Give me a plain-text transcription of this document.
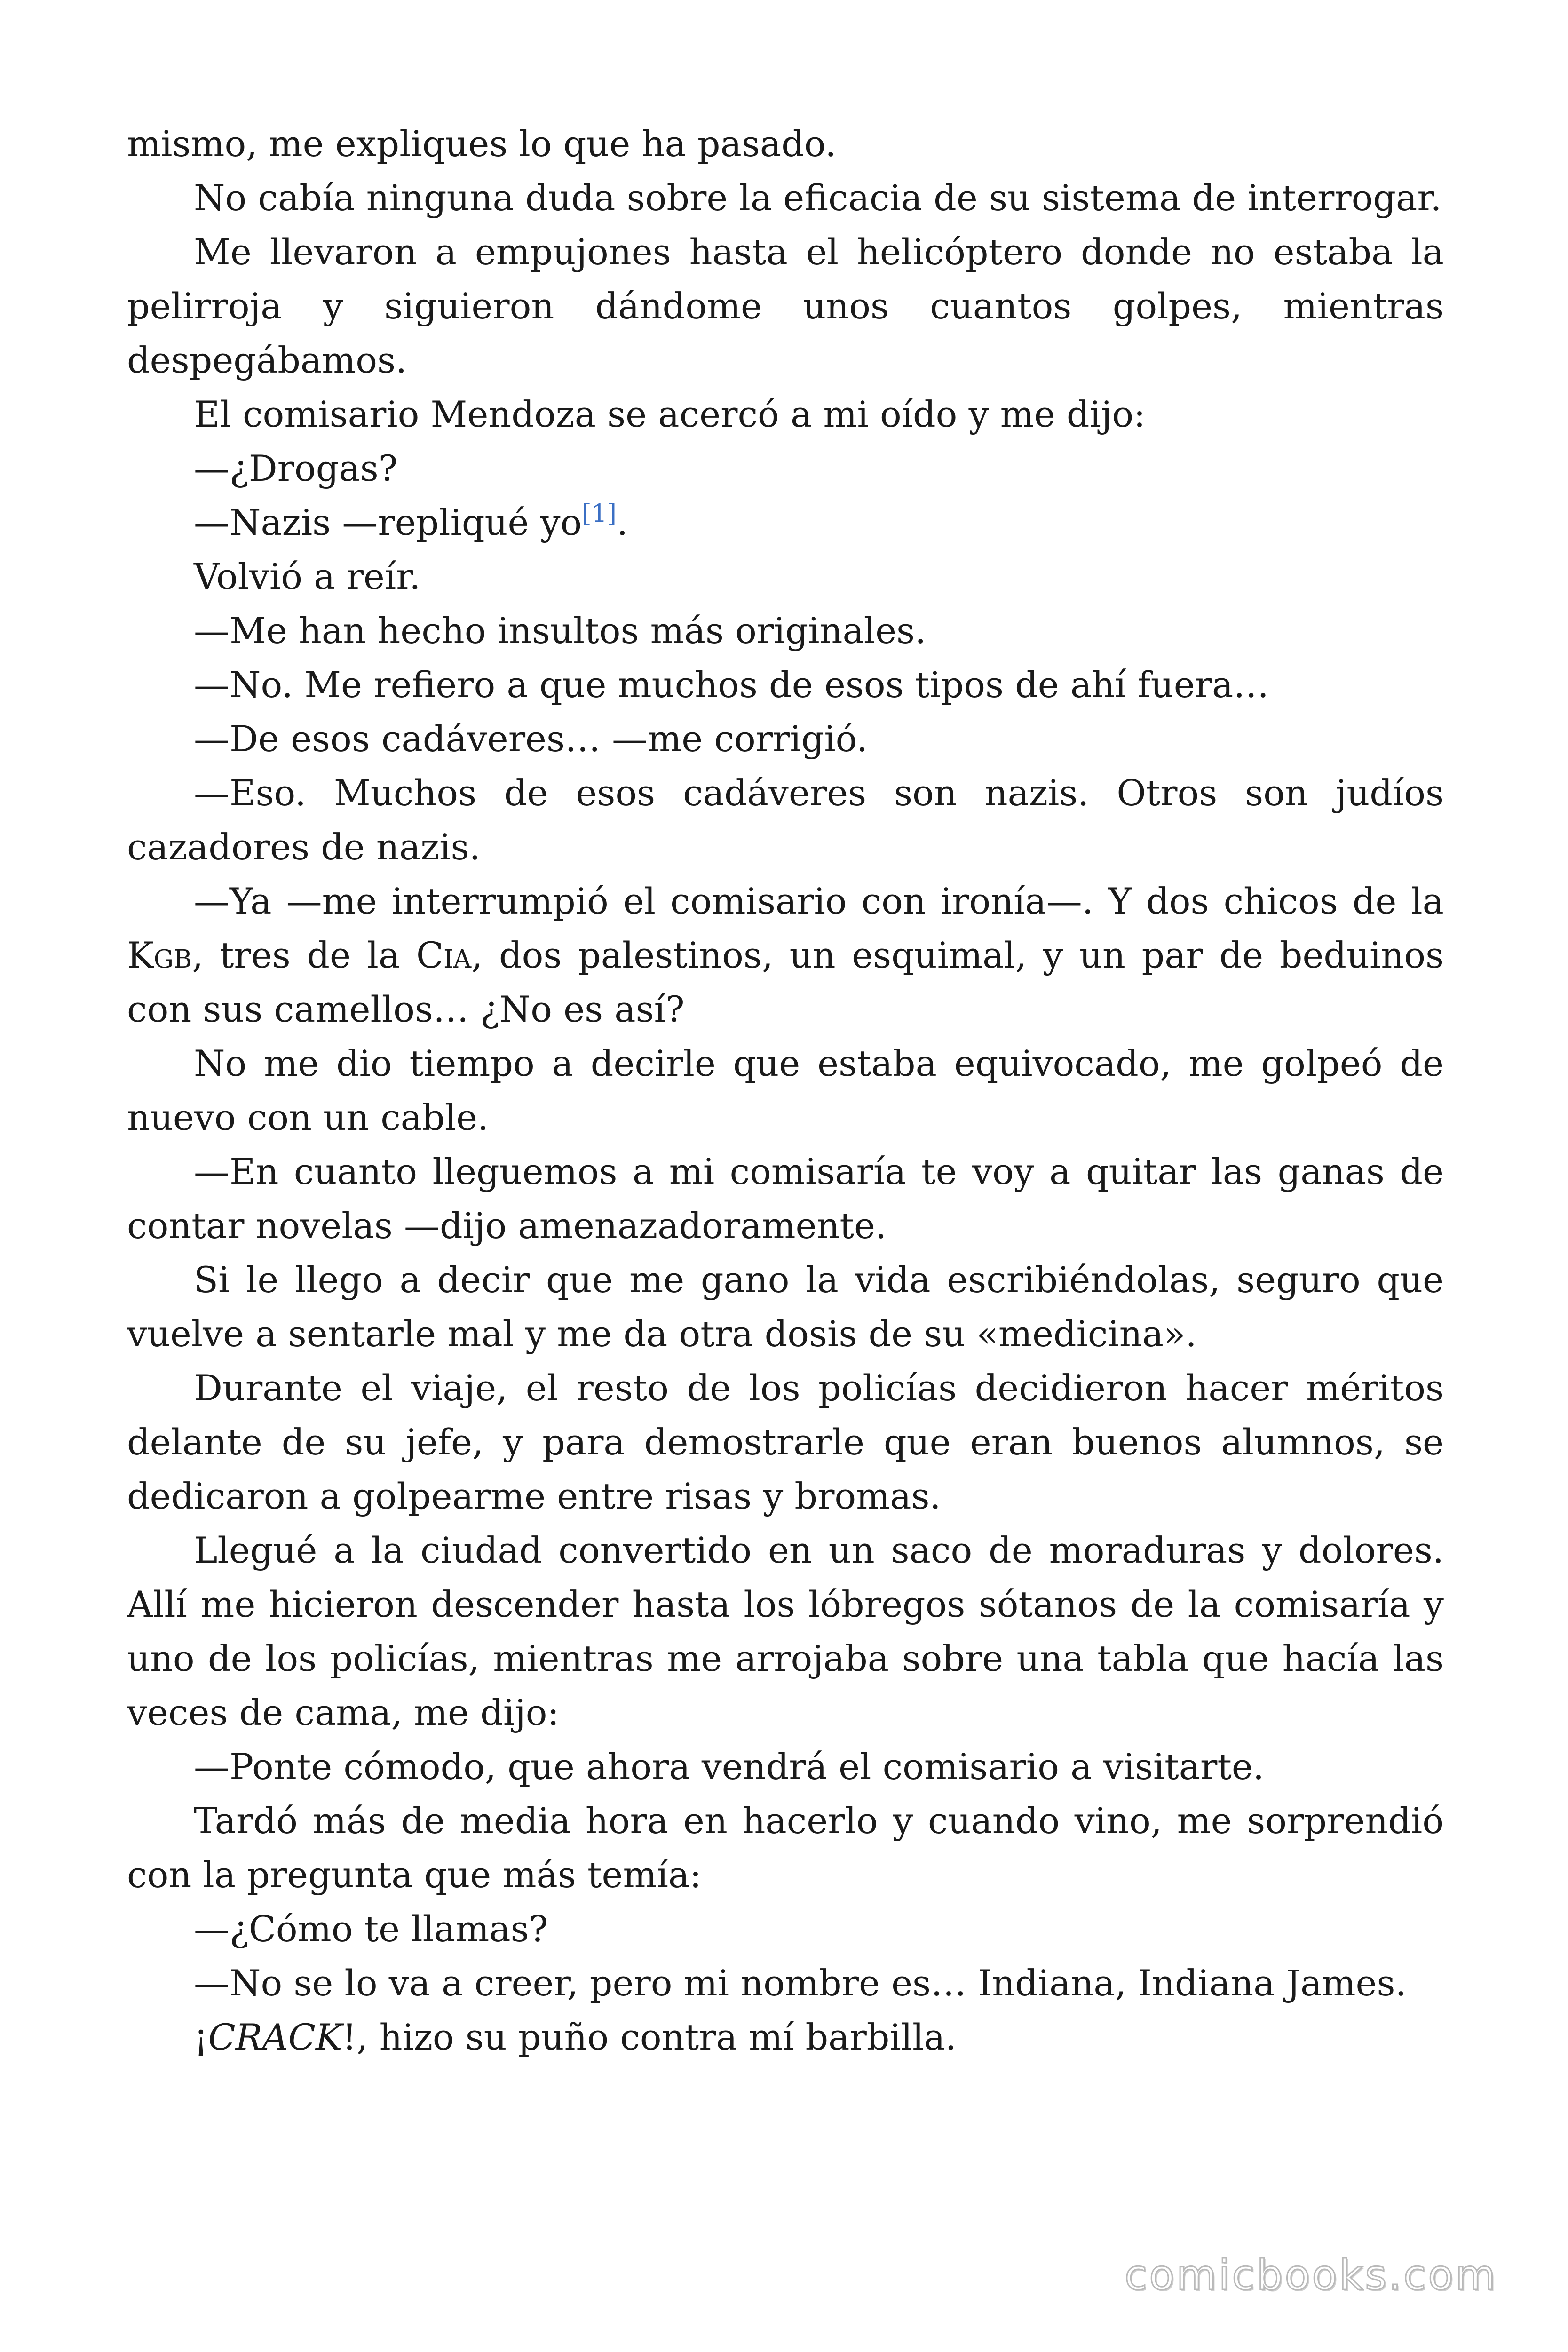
mismo, me expliques lo que ha pasado.

No cabía ninguna duda sobre la eficacia de su sistema de interrogar.

Me llevaron a empujones hasta el helicóptero donde no estaba la pelirroja y siguieron dándome unos cuantos golpes, mientras despegábamos.

El comisario Mendoza se acercó a mi oído y me dijo:

—¿Drogas?

—Nazis —repliqué yo[1].

Volvió a reír.

—Me han hecho insultos más originales.

—No. Me refiero a que muchos de esos tipos de ahí fuera…

—De esos cadáveres… —me corrigió.

—Eso. Muchos de esos cadáveres son nazis. Otros son judíos cazadores de nazis.

—Ya —me interrumpió el comisario con ironía—. Y dos chicos de la Kgb, tres de la Cia, dos palestinos, un esquimal, y un par de beduinos con sus camellos… ¿No es así?

No me dio tiempo a decirle que estaba equivocado, me golpeó de nuevo con un cable.

—En cuanto lleguemos a mi comisaría te voy a quitar las ganas de contar novelas —dijo amenazadoramente.

Si le llego a decir que me gano la vida escribiéndolas, seguro que vuelve a sentarle mal y me da otra dosis de su «medicina».

Durante el viaje, el resto de los policías decidieron hacer méritos delante de su jefe, y para demostrarle que eran buenos alumnos, se dedicaron a golpearme entre risas y bromas.

Llegué a la ciudad convertido en un saco de moraduras y dolores. Allí me hicieron descender hasta los lóbregos sótanos de la comisaría y uno de los policías, mientras me arrojaba sobre una tabla que hacía las veces de cama, me dijo:

—Ponte cómodo, que ahora vendrá el comisario a visitarte.

Tardó más de media hora en hacerlo y cuando vino, me sorprendió con la pregunta que más temía:

—¿Cómo te llamas?

—No se lo va a creer, pero mi nombre es… Indiana, Indiana James.

¡CRACK!, hizo su puño contra mí barbilla.

comicbooks.com
